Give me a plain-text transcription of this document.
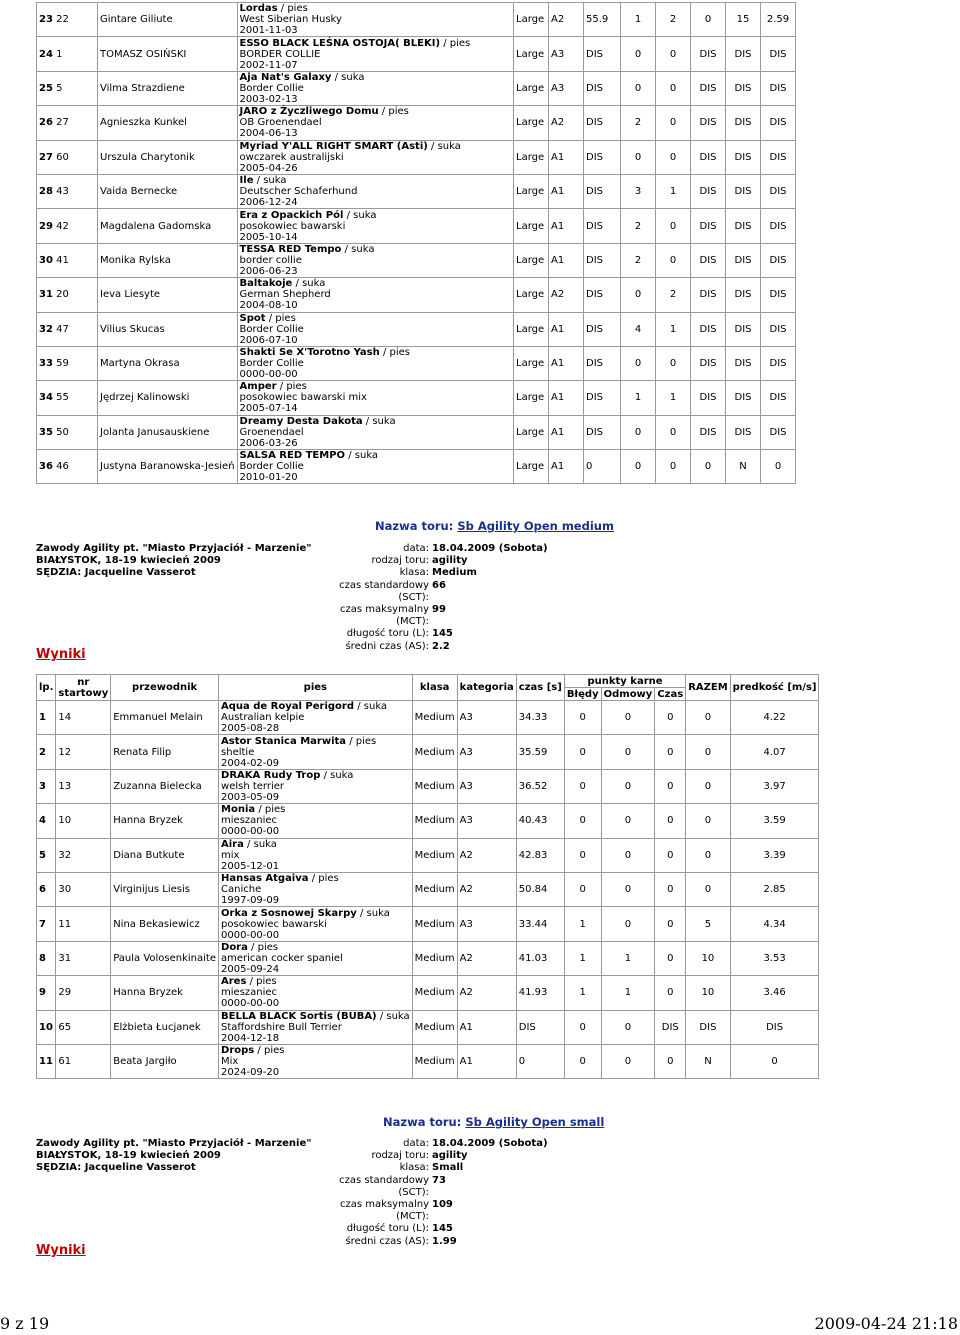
23 22	Gintare Giliute	Lordas / pies
West Siberian Husky
2001-11-03	Large	A2	55.9	1	2	0	15	2.59
24 1	TOMASZ OSIŃSKI	ESSO BLACK LEŚNA OSTOJA( BLEKI) / pies
BORDER COLLIE
2002-11-07	Large	A3	DIS	0	0	DIS	DIS	DIS
25 5	Vilma Strazdiene	Aja Nat's Galaxy / suka
Border Collie
2003-02-13	Large	A3	DIS	0	0	DIS	DIS	DIS
26 27	Agnieszka Kunkel	JARO z Życzliwego Domu / pies
OB Groenendael
2004-06-13	Large	A2	DIS	2	0	DIS	DIS	DIS
27 60	Urszula Charytonik	Myriad Y'ALL RIGHT SMART (Asti) / suka
owczarek australijski
2005-04-26	Large	A1	DIS	0	0	DIS	DIS	DIS
28 43	Vaida Bernecke	Ile / suka
Deutscher Schaferhund
2006-12-24	Large	A1	DIS	3	1	DIS	DIS	DIS
29 42	Magdalena Gadomska	Era z Opackich Pól / suka
posokowiec bawarski
2005-10-14	Large	A1	DIS	2	0	DIS	DIS	DIS
30 41	Monika Rylska	TESSA RED Tempo / suka
border collie
2006-06-23	Large	A1	DIS	2	0	DIS	DIS	DIS
31 20	Ieva Liesyte	Baltakoje / suka
German Shepherd
2004-08-10	Large	A2	DIS	0	2	DIS	DIS	DIS
32 47	Vilius Skucas	Spot / pies
Border Collie
2006-07-10	Large	A1	DIS	4	1	DIS	DIS	DIS
33 59	Martyna Okrasa	Shakti Se X'Torotno Yash / pies
Border Collie
0000-00-00	Large	A1	DIS	0	0	DIS	DIS	DIS
34 55	Jędrzej Kalinowski	Amper / pies
posokowiec bawarski mix
2005-07-14	Large	A1	DIS	1	1	DIS	DIS	DIS
35 50	Jolanta Janusauskiene	Dreamy Desta Dakota / suka
Groenendael
2006-03-26	Large	A1	DIS	0	0	DIS	DIS	DIS
36 46	Justyna Baranowska-Jesień	SALSA RED TEMPO / suka
Border Collie
2010-01-20	Large	A1	0	0	0	0	N	0
Nazwa toru: Sb Agility Open medium
Zawody Agility pt. "Miasto Przyjaciół - Marzenie"
BIAŁYSTOK, 18-19 kwiecień 2009
SĘDZIA: Jacqueline Vasserot
data: 18.04.2009 (Sobota)
rodzaj toru: agility
klasa: Medium
czas standardowy (SCT):
66
czas maksymalny (MCT):
99
długość toru (L): 145
średni czas (AS): 2.2
Wyniki
lp.	nr startowy	przewodnik	pies	klasa	kategoria	czas [s]	punkty karne			RAZEM	predkość [m/s]
							Błędy	Odmowy	Czas		
1	14	Emmanuel Melain	Aqua de Royal Perigord / suka
Australian kelpie
2005-08-28	Medium	A3	34.33	0	0	0	0	4.22
2	12	Renata Filip	Astor Stanica Marwita / pies
sheltie
2004-02-09	Medium	A3	35.59	0	0	0	0	4.07
3	13	Zuzanna Bielecka	DRAKA Rudy Trop / suka
welsh terrier
2003-05-09	Medium	A3	36.52	0	0	0	0	3.97
4	10	Hanna Bryzek	Monia / pies
mieszaniec
0000-00-00	Medium	A3	40.43	0	0	0	0	3.59
5	32	Diana Butkute	Aira / suka
mix
2005-12-01	Medium	A2	42.83	0	0	0	0	3.39
6	30	Virginijus Liesis	Hansas Atgaiva / pies
Caniche
1997-09-09	Medium	A2	50.84	0	0	0	0	2.85
7	11	Nina Bekasiewicz	Orka z Sosnowej Skarpy / suka
posokowiec bawarski
0000-00-00	Medium	A3	33.44	1	0	0	5	4.34
8	31	Paula Volosenkinaite	Dora / pies
american cocker spaniel
2005-09-24	Medium	A2	41.03	1	1	0	10	3.53
9	29	Hanna Bryzek	Ares / pies
mieszaniec
0000-00-00	Medium	A2	41.93	1	1	0	10	3.46
10	65	Elżbieta Łucjanek	BELLA BLACK Sortis (BUBA) / suka
Staffordshire Bull Terrier
2004-12-18	Medium	A1	DIS	0	0	DIS	DIS	DIS
11	61	Beata Jargiło	Drops / pies
Mix
2024-09-20	Medium	A1	0	0	0	0	N	0
Nazwa toru: Sb Agility Open small
Zawody Agility pt. "Miasto Przyjaciół - Marzenie"
BIAŁYSTOK, 18-19 kwiecień 2009
SĘDZIA: Jacqueline Vasserot
data: 18.04.2009 (Sobota)
rodzaj toru: agility
klasa: Small
czas standardowy (SCT):
73
czas maksymalny (MCT):
109
długość toru (L): 145
średni czas (AS): 1.99
Wyniki
9 z 19	2009-04-24 21:18
